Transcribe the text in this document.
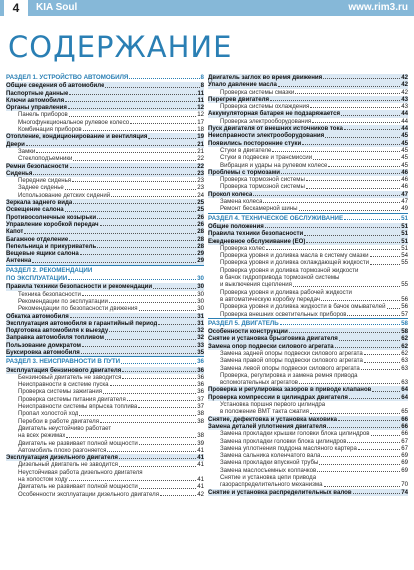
4	KIA Soul	www.rim3.ru
СОДЕРЖАНИЕ
РАЗДЕЛ 1. УСТРОЙСТВО АВТОМОБИЛЯ	8
Общие сведения об автомобиле	8
Паспортные данные	11
Ключи автомобиля	11
Органы управления	12
Панель приборов	12
Многофункциональное рулевое колесо	17
Комбинация приборов	18
Отопление, кондиционирование и вентиляция	19
Двери	21
Замки	21
Стеклоподъемники	22
Ремни безопасности	22
Сиденья	23
Передние сиденья	23
Заднее сиденье	23
Использование детских сидений	24
Зеркала заднего вида	25
Освещение салона	25
Противосолнечные козырьки	26
Управление коробкой передач	26
Капот	28
Багажное отделение	28
Пепельница и прикуриватель	28
Вещевые ящики салона	29
Антенна	29
РАЗДЕЛ 2. РЕКОМЕНДАЦИИ
ПО ЭКСПЛУАТАЦИИ	30
Правила техники безопасности и рекомендации	30
Техника безопасности	30
Рекомендации по эксплуатации	30
Рекомендации по безопасности движения	30
Обкатка автомобиля	31
Эксплуатация автомобиля в гарантийный период	31
Подготовка автомобиля к выезду	32
Заправка автомобиля топливом	32
Пользование домкратом	33
Буксировка автомобиля	35
РАЗДЕЛ 3. НЕИСПРАВНОСТИ В ПУТИ	36
Эксплуатация бензинового двигателя	36
Бензиновый двигатель не заводится	36
Неисправности в системе пуска	36
Проверка системы зажигания	36
Проверка системы питания двигателя	37
Неисправности системы впрыска топлива	37
Пропал холостой ход	38
Перебои в работе двигателя	38
Двигатель неустойчиво работает
на всех режимах	38
Двигатель не развивает полной мощности	39
Автомобиль плохо разгоняется	41
Эксплуатация дизельного двигателя	41
Дизельный двигатель не заводится	41
Неустойчивая работа дизельного двигателя
на холостом ходу	41
Двигатель не развивает полной мощности	41
Особенности эксплуатации дизельного двигателя	42
Двигатель заглох во время движения	42
Упало давление масла	42
Проверка системы смазки	42
Перегрев двигателя	43
Проверка системы охлаждения	43
Аккумуляторная батарея не подзаряжается	44
Проверка электрооборудования	44
Пуск двигателя от внешних источников тока	44
Неисправности электрооборудования	45
Появились посторонние стуки	45
Стуки в двигателе	45
Стуки в подвеске и трансмиссии	45
Вибрация и удары на рулевом колесе	45
Проблемы с тормозами	46
Проверка тормозной системы	46
Проверка тормозной системы	46
Прокол колеса	47
Замена колеса	47
Ремонт бескамерной шины	49
РАЗДЕЛ 4. ТЕХНИЧЕСКОЕ ОБСЛУЖИВАНИЕ	51
Общие положения	51
Правила техники безопасности	51
Ежедневное обслуживание (ЕО)	51
Проверка колес	51
Проверка уровня и доливка масла в систему смазки	54
Проверка уровня и доливка охлаждающей жидкости	55
Проверка уровня и доливка тормозной жидкости
в бачок гидропривода тормозной системы
и выключения сцепления	55
Проверка уровня и доливка рабочей жидкости
в автоматическую коробку передач	56
Проверка уровня и доливка жидкости в бачок омывателей	56
Проверка внешних осветительных приборов	57
РАЗДЕЛ 5. ДВИГАТЕЛЬ	58
Особенности конструкции	58
Снятие и установка брызговика двигателя	62
Замена опор подвески силового агрегата	62
Замена задней опоры подвески силового агрегата	62
Замена правой опоры подвески силового агрегата	63
Замена левой опоры подвески силового агрегата	63
Проверка, регулировка и замена ремня привода
вспомогательных агрегатов	63
Проверка и регулировка зазоров в приводе клапанов	64
Проверка компрессии в цилиндрах двигателя	64
Установка поршня первого цилиндра
в положение ВМТ такта сжатия	65
Снятие, дефектовка и установка маховика	66
Замена деталей уплотнения двигателя	66
Замена прокладки крышки головки блока цилиндров	66
Замена прокладки головки блока цилиндров	67
Замена уплотнения поддона масляного картера	67
Замена сальника коленчатого вала	69
Замена прокладки впускной трубы	69
Замена маслосъемных колпачков	69
Снятие и установка цепи привода
газораспределительного механизма	70
Снятие и установка распределительных валов	74
